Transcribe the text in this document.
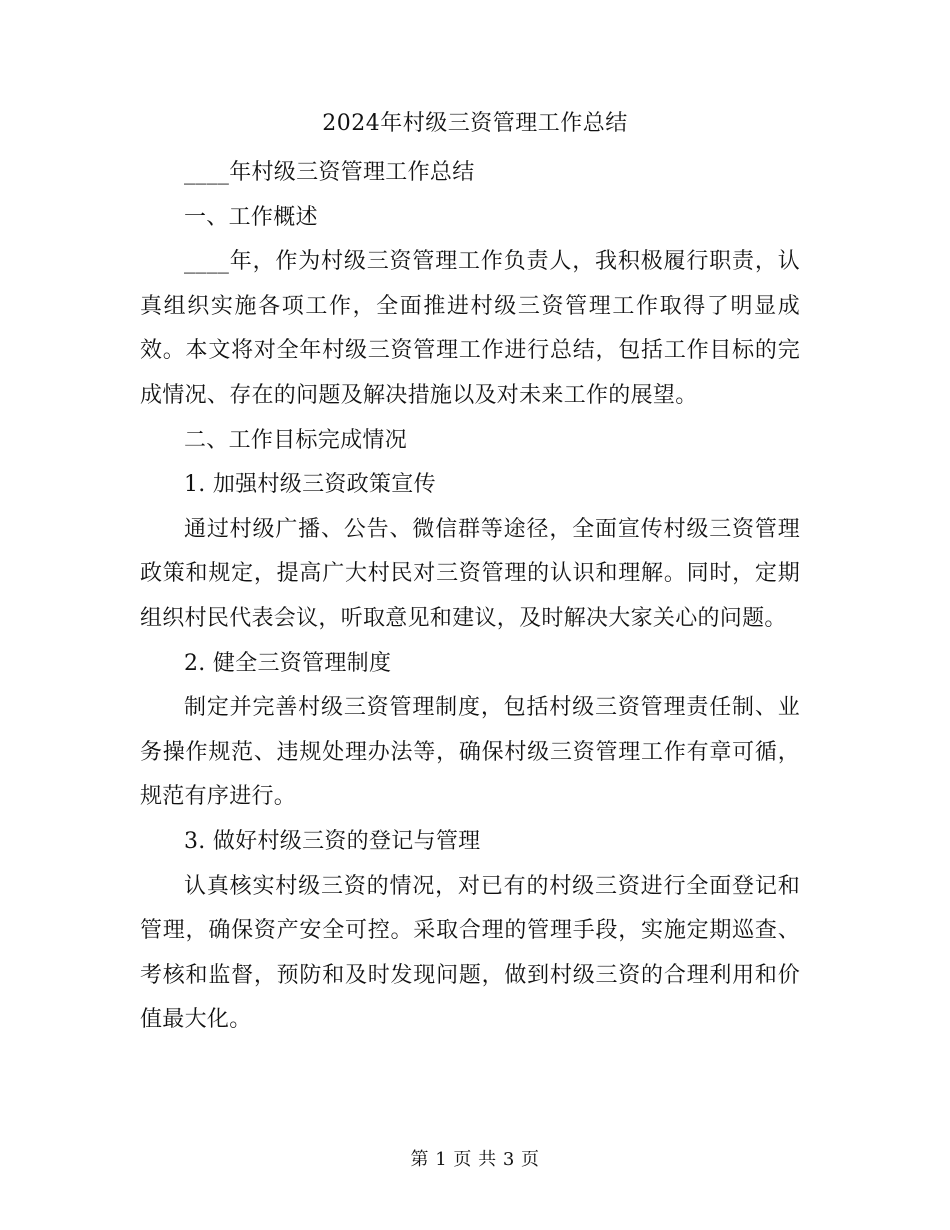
2024年村级三资管理工作总结

____年村级三资管理工作总结

一、工作概述

____年，作为村级三资管理工作负责人，我积极履行职责，认真组织实施各项工作，全面推进村级三资管理工作取得了明显成效。本文将对全年村级三资管理工作进行总结，包括工作目标的完成情况、存在的问题及解决措施以及对未来工作的展望。

二、工作目标完成情况

1. 加强村级三资政策宣传

通过村级广播、公告、微信群等途径，全面宣传村级三资管理政策和规定，提高广大村民对三资管理的认识和理解。同时，定期组织村民代表会议，听取意见和建议，及时解决大家关心的问题。

2. 健全三资管理制度

制定并完善村级三资管理制度，包括村级三资管理责任制、业务操作规范、违规处理办法等，确保村级三资管理工作有章可循，规范有序进行。

3. 做好村级三资的登记与管理

认真核实村级三资的情况，对已有的村级三资进行全面登记和管理，确保资产安全可控。采取合理的管理手段，实施定期巡查、考核和监督，预防和及时发现问题，做到村级三资的合理利用和价值最大化。

第 1 页 共 3 页
